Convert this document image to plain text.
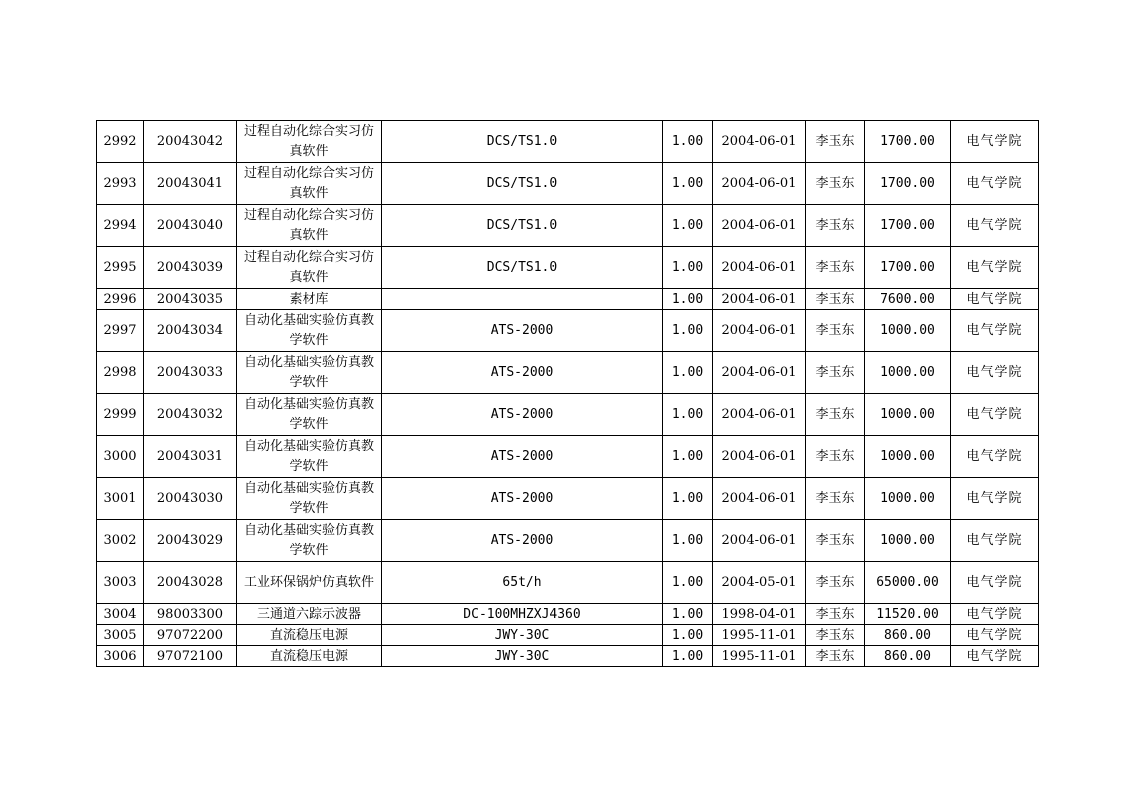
2992	20043042	过程自动化综合实习仿真软件	DCS/TS1.0	1.00	2004-06-01	李玉东	1700.00	电气学院
2993	20043041	过程自动化综合实习仿真软件	DCS/TS1.0	1.00	2004-06-01	李玉东	1700.00	电气学院
2994	20043040	过程自动化综合实习仿真软件	DCS/TS1.0	1.00	2004-06-01	李玉东	1700.00	电气学院
2995	20043039	过程自动化综合实习仿真软件	DCS/TS1.0	1.00	2004-06-01	李玉东	1700.00	电气学院
2996	20043035	素材库		1.00	2004-06-01	李玉东	7600.00	电气学院
2997	20043034	自动化基础实验仿真教学软件	ATS-2000	1.00	2004-06-01	李玉东	1000.00	电气学院
2998	20043033	自动化基础实验仿真教学软件	ATS-2000	1.00	2004-06-01	李玉东	1000.00	电气学院
2999	20043032	自动化基础实验仿真教学软件	ATS-2000	1.00	2004-06-01	李玉东	1000.00	电气学院
3000	20043031	自动化基础实验仿真教学软件	ATS-2000	1.00	2004-06-01	李玉东	1000.00	电气学院
3001	20043030	自动化基础实验仿真教学软件	ATS-2000	1.00	2004-06-01	李玉东	1000.00	电气学院
3002	20043029	自动化基础实验仿真教学软件	ATS-2000	1.00	2004-06-01	李玉东	1000.00	电气学院
3003	20043028	工业环保锅炉仿真软件	65t/h	1.00	2004-05-01	李玉东	65000.00	电气学院
3004	98003300	三通道六踪示波器	DC-100MHZXJ4360	1.00	1998-04-01	李玉东	11520.00	电气学院
3005	97072200	直流稳压电源	JWY-30C	1.00	1995-11-01	李玉东	860.00	电气学院
3006	97072100	直流稳压电源	JWY-30C	1.00	1995-11-01	李玉东	860.00	电气学院
